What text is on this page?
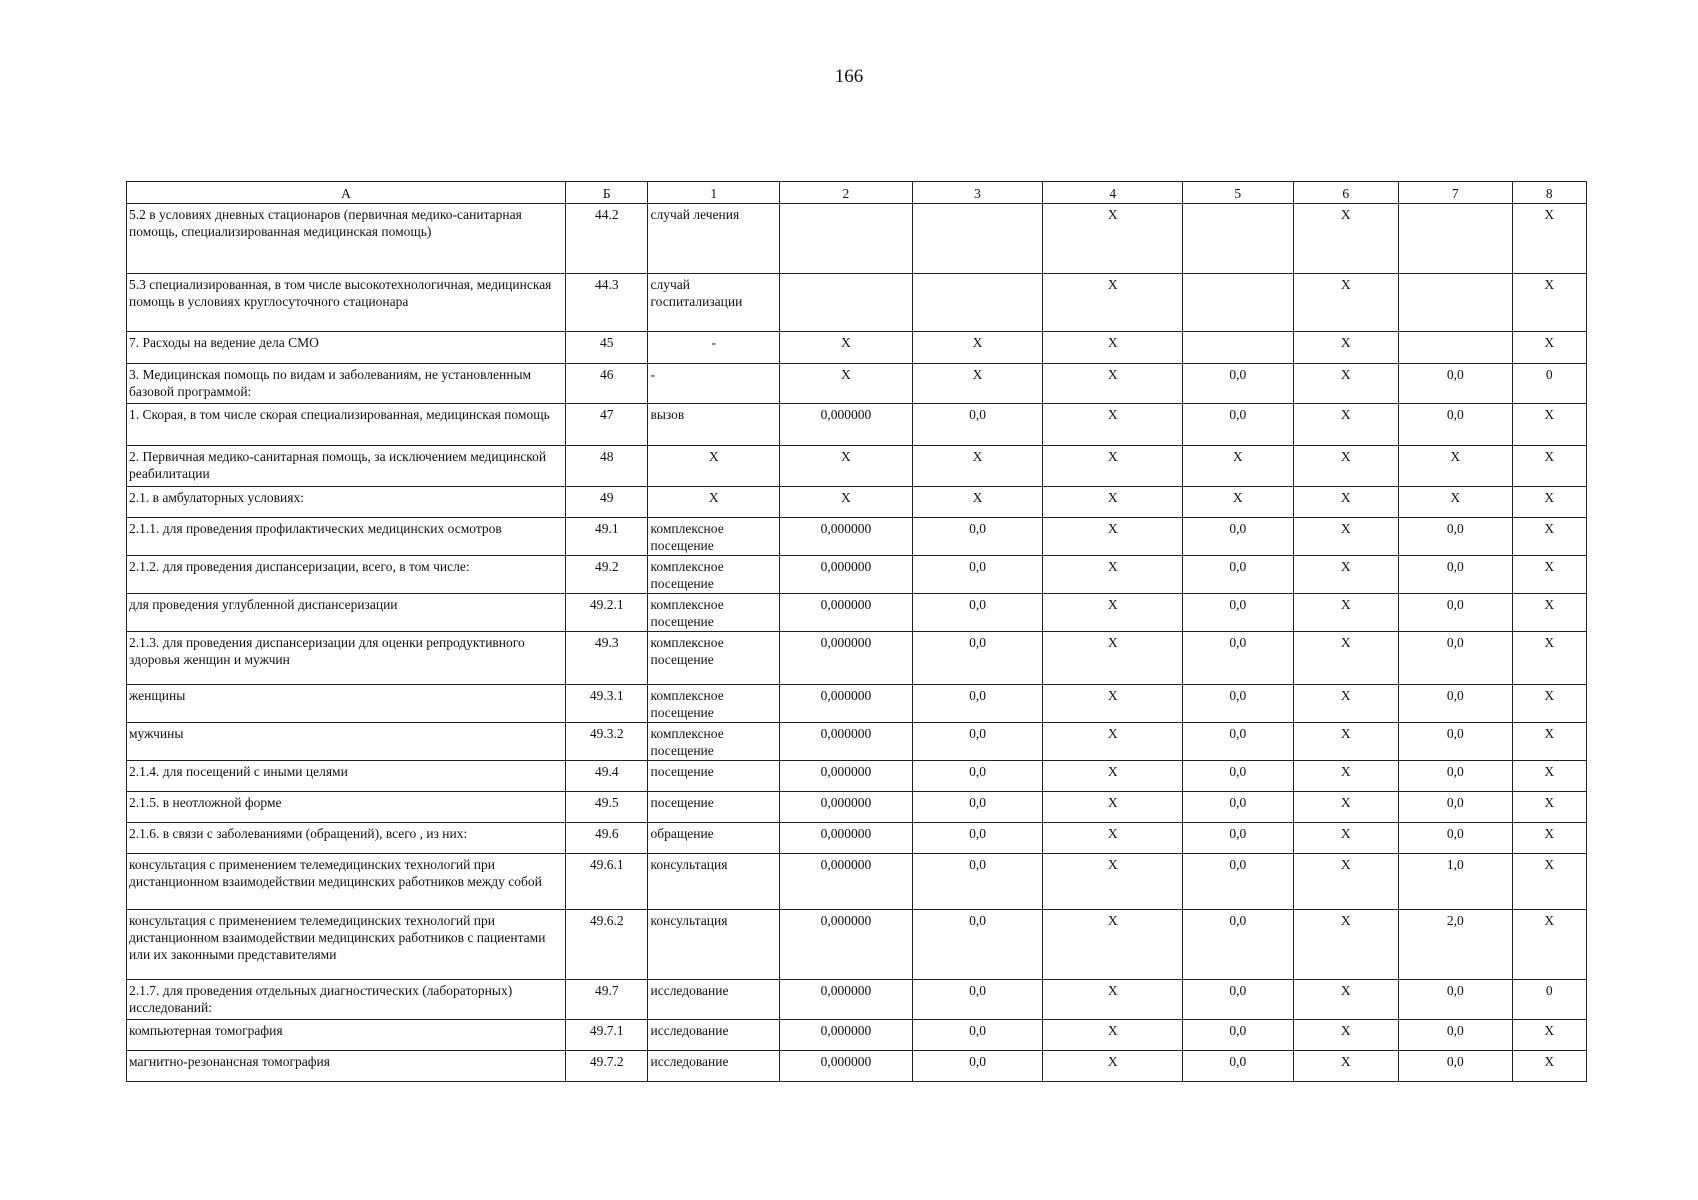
166
А	Б	1	2	3	4	5	6	7	8
5.2 в условиях дневных стационаров (первичная медико-санитарная помощь, специализированная медицинская помощь)	44.2	случай лечения			Х		Х		Х
5.3 специализированная, в том числе высокотехнологичная, медицинская помощь в условиях круглосуточного стационара	44.3	случай госпитализации			Х		Х		Х
7. Расходы на ведение дела СМО	45	-	Х	Х	Х		Х		Х
3. Медицинская помощь по видам и заболеваниям, не установленным базовой программой:	46	-	Х	Х	Х	0,0	Х	0,0	0
1. Скорая, в том числе скорая специализированная, медицинская помощь	47	вызов	0,000000	0,0	Х	0,0	Х	0,0	Х
2. Первичная медико-санитарная помощь, за исключением медицинской реабилитации	48	Х	Х	Х	Х	Х	Х	Х	Х
2.1. в амбулаторных условиях:	49	Х	Х	Х	Х	Х	Х	Х	Х
2.1.1. для проведения профилактических медицинских осмотров	49.1	комплексное посещение	0,000000	0,0	Х	0,0	Х	0,0	Х
2.1.2. для проведения диспансеризации, всего, в том числе:	49.2	комплексное посещение	0,000000	0,0	Х	0,0	Х	0,0	Х
для проведения углубленной диспансеризации	49.2.1	комплексное посещение	0,000000	0,0	Х	0,0	Х	0,0	Х
2.1.3. для проведения диспансеризации для оценки репродуктивного здоровья женщин и мужчин	49.3	комплексное посещение	0,000000	0,0	Х	0,0	Х	0,0	Х
женщины	49.3.1	комплексное посещение	0,000000	0,0	Х	0,0	Х	0,0	Х
мужчины	49.3.2	комплексное посещение	0,000000	0,0	Х	0,0	Х	0,0	Х
2.1.4. для посещений с иными целями	49.4	посещение	0,000000	0,0	Х	0,0	Х	0,0	Х
2.1.5. в неотложной форме	49.5	посещение	0,000000	0,0	Х	0,0	Х	0,0	Х
2.1.6. в связи с заболеваниями (обращений), всего , из них:	49.6	обращение	0,000000	0,0	Х	0,0	Х	0,0	Х
консультация с применением телемедицинских технологий при дистанционном взаимодействии медицинских работников между собой	49.6.1	консультация	0,000000	0,0	Х	0,0	Х	1,0	Х
консультация с применением телемедицинских технологий при дистанционном взаимодействии медицинских работников с пациентами или их законными представителями	49.6.2	консультация	0,000000	0,0	Х	0,0	Х	2,0	Х
2.1.7. для проведения отдельных диагностических (лабораторных) исследований:	49.7	исследование	0,000000	0,0	Х	0,0	Х	0,0	0
компьютерная томография	49.7.1	исследование	0,000000	0,0	Х	0,0	Х	0,0	Х
магнитно-резонансная томография	49.7.2	исследование	0,000000	0,0	Х	0,0	Х	0,0	Х
